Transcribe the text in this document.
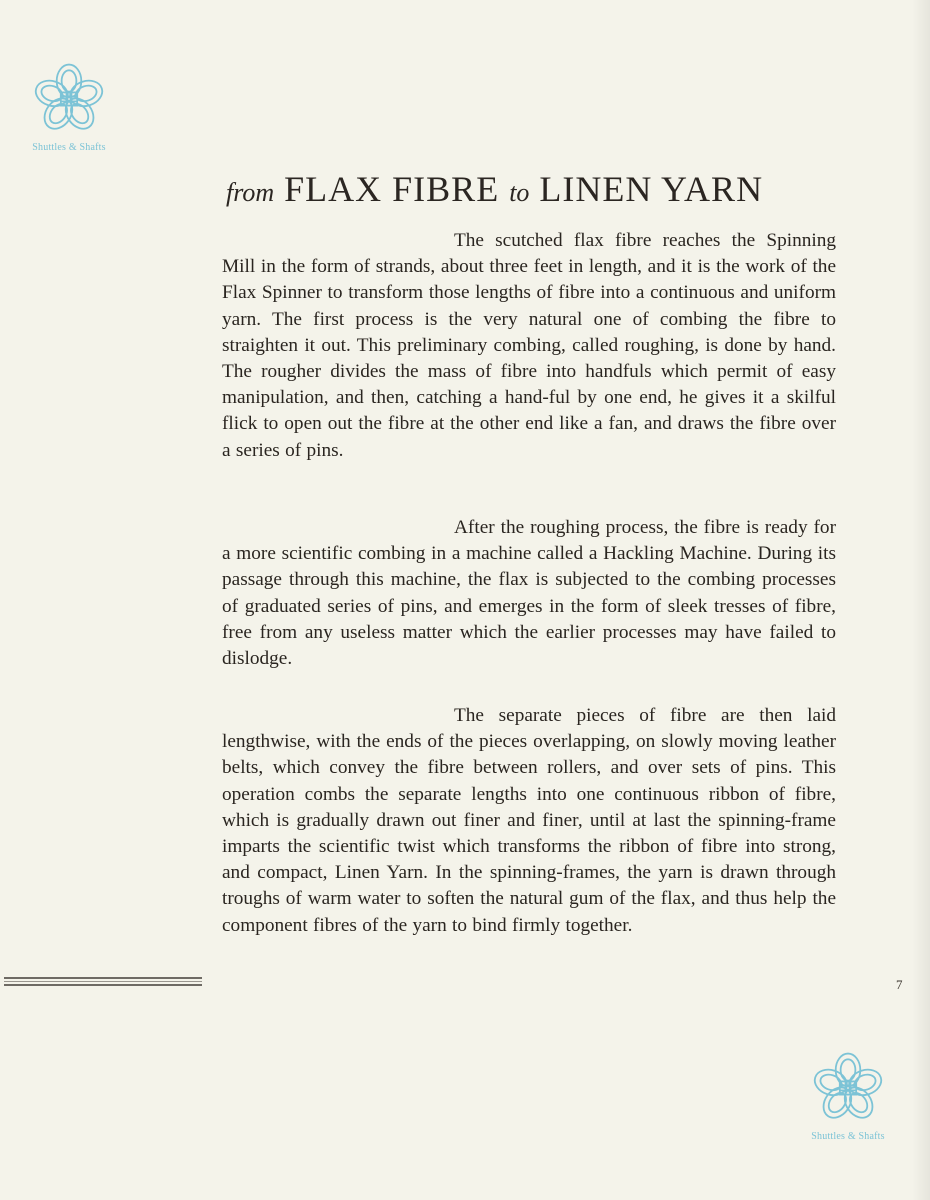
Shuttles & Shafts
from FLAX FIBRE to LINEN YARN

The scutched flax fibre reaches the Spinning Mill in the form of strands, about three feet in length, and it is the work of the Flax Spinner to transform those lengths of fibre into a continuous and uniform yarn. The first process is the very natural one of combing the fibre to straighten it out. This preliminary combing, called roughing, is done by hand. The rougher divides the mass of fibre into handfuls which permit of easy manipulation, and then, catching a hand-ful by one end, he gives it a skilful flick to open out the fibre at the other end like a fan, and draws the fibre over a series of pins.

After the roughing process, the fibre is ready for a more scientific combing in a machine called a Hackling Machine. During its passage through this machine, the flax is subjected to the combing processes of graduated series of pins, and emerges in the form of sleek tresses of fibre, free from any useless matter which the earlier processes may have failed to dislodge.

The separate pieces of fibre are then laid lengthwise, with the ends of the pieces overlapping, on slowly moving leather belts, which convey the fibre between rollers, and over sets of pins. This operation combs the separate lengths into one continuous ribbon of fibre, which is gradually drawn out finer and finer, until at last the spinning-frame imparts the scientific twist which transforms the ribbon of fibre into strong, and compact, Linen Yarn. In the spinning-frames, the yarn is drawn through troughs of warm water to soften the natural gum of the flax, and thus help the component fibres of the yarn to bind firmly together.

7
Shuttles & Shafts
